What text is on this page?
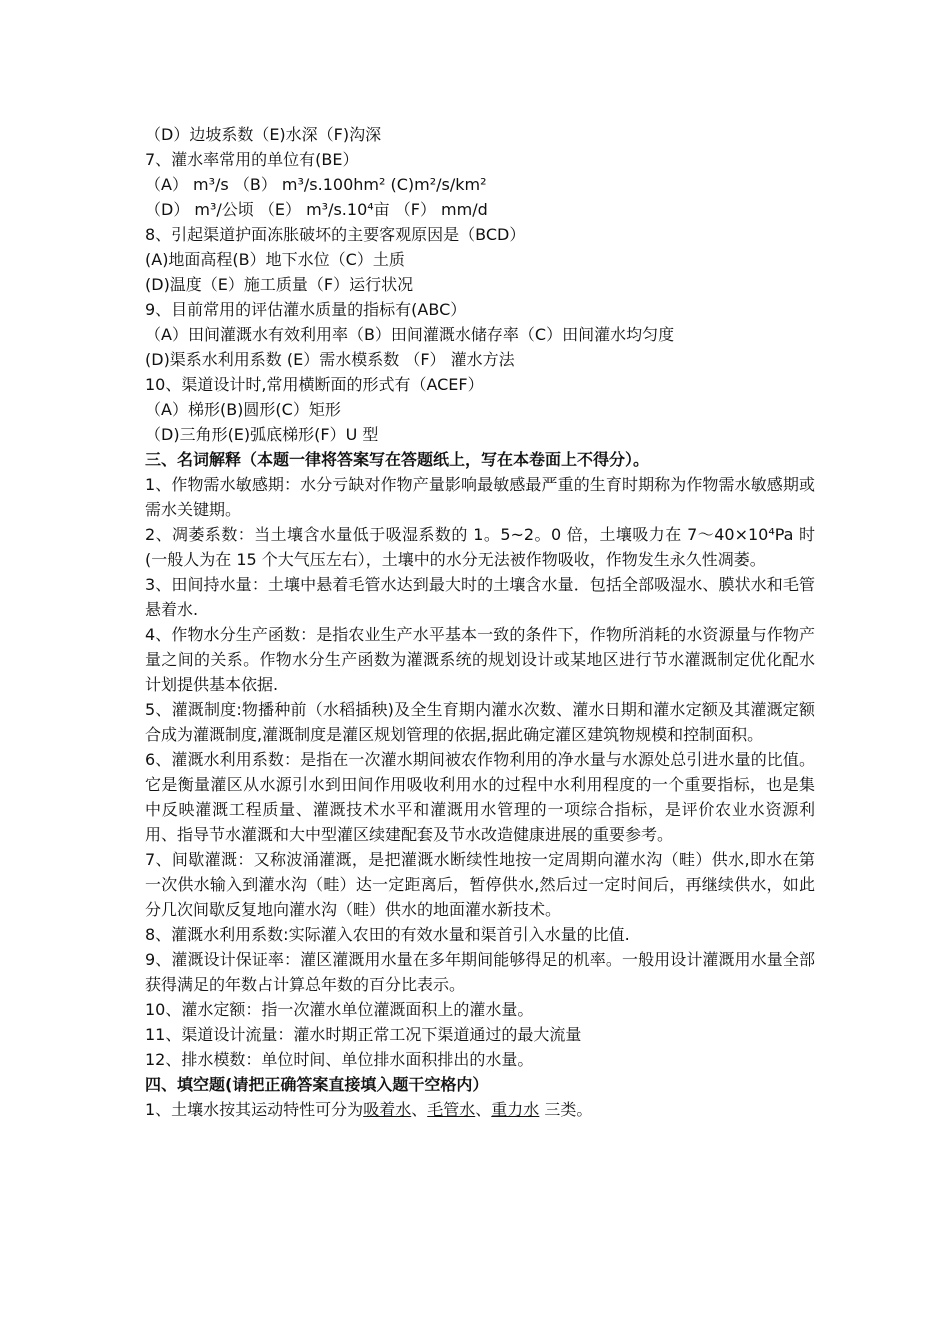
（D）边坡系数（E)水深（F)沟深
7、灌水率常用的单位有(BE）
（A） m³/s （B） m³/s.100hm² (C)m²/s/km²
（D） m³/公顷 （E） m³/s.10⁴亩 （F） mm/d
8、引起渠道护面冻胀破坏的主要客观原因是（BCD）
(A)地面高程(B）地下水位（C）土质
(D)温度（E）施工质量（F）运行状况
9、目前常用的评估灌水质量的指标有(ABC）
（A）田间灌溉水有效利用率（B）田间灌溉水储存率（C）田间灌水均匀度
(D)渠系水利用系数 (E）需水模系数 （F） 灌水方法
10、渠道设计时,常用横断面的形式有（ACEF）
（A）梯形(B)圆形(C）矩形
（D)三角形(E)弧底梯形(F）U 型
三、名词解释（本题一律将答案写在答题纸上，写在本卷面上不得分）。
1、作物需水敏感期：水分亏缺对作物产量影响最敏感最严重的生育时期称为作物需水敏感期或需水关键期。
2、凋萎系数：当土壤含水量低于吸湿系数的 1。5~2。0 倍，土壤吸力在 7～40×10⁴Pa 时(一般人为在 15 个大气压左右），土壤中的水分无法被作物吸收，作物发生永久性凋萎。
3、田间持水量：土壤中悬着毛管水达到最大时的土壤含水量．包括全部吸湿水、膜状水和毛管悬着水.
4、作物水分生产函数：是指农业生产水平基本一致的条件下，作物所消耗的水资源量与作物产量之间的关系。作物水分生产函数为灌溉系统的规划设计或某地区进行节水灌溉制定优化配水计划提供基本依据.
5、灌溉制度:物播种前（水稻插秧)及全生育期内灌水次数、灌水日期和灌水定额及其灌溉定额合成为灌溉制度,灌溉制度是灌区规划管理的依据,据此确定灌区建筑物规模和控制面积。
6、灌溉水利用系数：是指在一次灌水期间被农作物利用的净水量与水源处总引进水量的比值。它是衡量灌区从水源引水到田间作用吸收利用水的过程中水利用程度的一个重要指标，也是集中反映灌溉工程质量、灌溉技术水平和灌溉用水管理的一项综合指标，是评价农业水资源利用、指导节水灌溉和大中型灌区续建配套及节水改造健康进展的重要参考。
7、间歇灌溉：又称波涌灌溉，是把灌溉水断续性地按一定周期向灌水沟（畦）供水,即水在第一次供水输入到灌水沟（畦）达一定距离后，暂停供水,然后过一定时间后，再继续供水，如此分几次间歇反复地向灌水沟（畦）供水的地面灌水新技术。
8、灌溉水利用系数:实际灌入农田的有效水量和渠首引入水量的比值.
9、灌溉设计保证率：灌区灌溉用水量在多年期间能够得足的机率。一般用设计灌溉用水量全部获得满足的年数占计算总年数的百分比表示。
10、灌水定额：指一次灌水单位灌溉面积上的灌水量。
11、渠道设计流量：灌水时期正常工况下渠道通过的最大流量
12、排水模数：单位时间、单位排水面积排出的水量。
四、填空题(请把正确答案直接填入题干空格内）
1、土壤水按其运动特性可分为吸着水、毛管水、重力水 三类。
